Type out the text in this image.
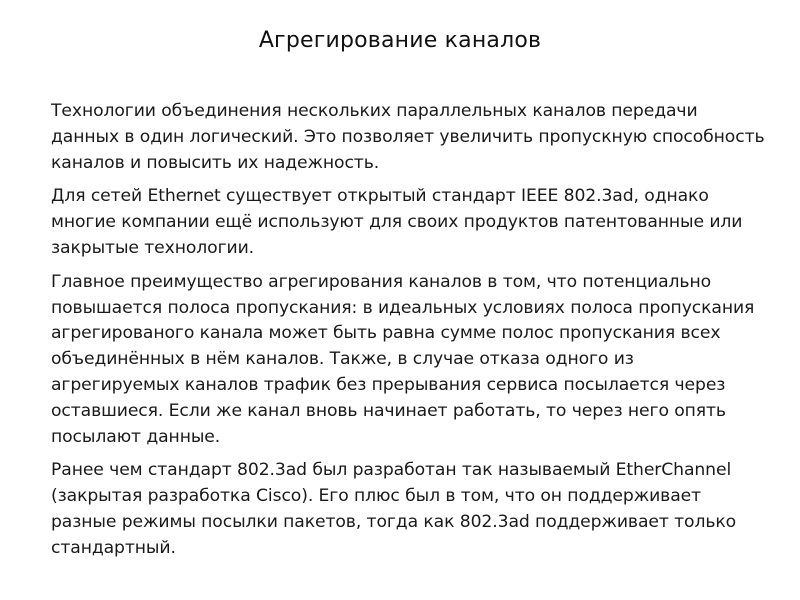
Агрегирование каналов

Технологии объединения нескольких параллельных каналов передачи данных в один логический. Это позволяет увеличить пропускную способность каналов и повысить их надежность.

Для сетей Ethernet существует открытый стандарт IEEE 802.3ad, однако многие компании ещё используют для своих продуктов патентованные или закрытые технологии.

Главное преимущество агрегирования каналов в том, что потенциально повышается полоса пропускания: в идеальных условиях полоса пропускания агрегированого канала может быть равна сумме полос пропускания всех объединённых в нём каналов. Также, в случае отказа одного из агрегируемых каналов трафик без прерывания сервиса посылается через оставшиеся. Если же канал вновь начинает работать, то через него опять посылают данные.

Ранее чем стандарт 802.3ad был разработан так называемый EtherChannel (закрытая разработка Cisco). Его плюс был в том, что он поддерживает разные режимы посылки пакетов, тогда как 802.3ad поддерживает только стандартный.
